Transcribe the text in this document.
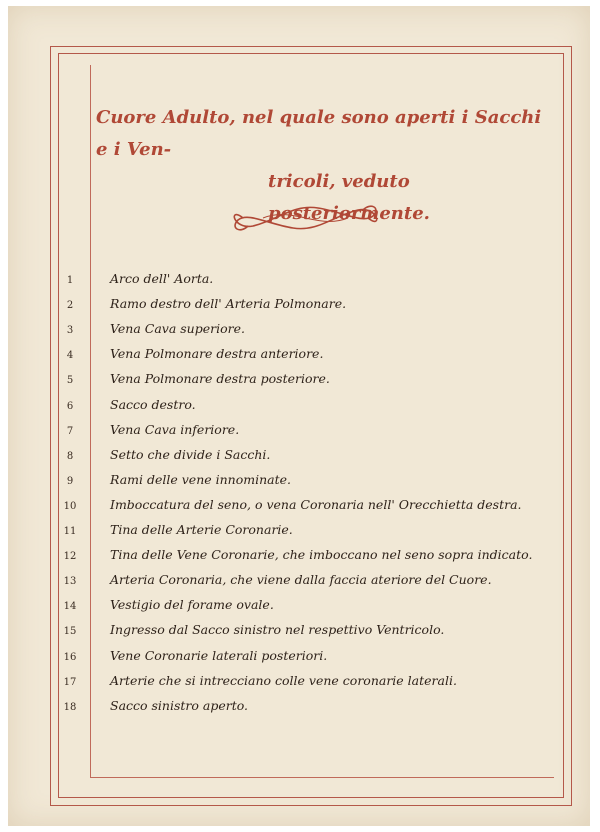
Cuore Adulto, nel quale sono aperti i Sacchi e i Ven-
tricoli, veduto posteriormente.
1	Arco dell' Aorta.
2	Ramo destro dell' Arteria Polmonare.
3	Vena Cava superiore.
4	Vena Polmonare destra anteriore.
5	Vena Polmonare destra posteriore.
6	Sacco destro.
7	Vena Cava inferiore.
8	Setto che divide i Sacchi.
9	Rami delle vene innominate.
10	Imboccatura del seno, o vena Coronaria nell' Orecchietta destra.
11	Tina delle Arterie Coronarie.
12	Tina delle Vene Coronarie, che imboccano nel seno sopra indicato.
13	Arteria Coronaria, che viene dalla faccia ateriore del Cuore.
14	Vestigio del forame ovale.
15	Ingresso dal Sacco sinistro nel respettivo Ventricolo.
16	Vene Coronarie laterali posteriori.
17	Arterie che si intrecciano colle vene coronarie laterali.
18	Sacco sinistro aperto.
